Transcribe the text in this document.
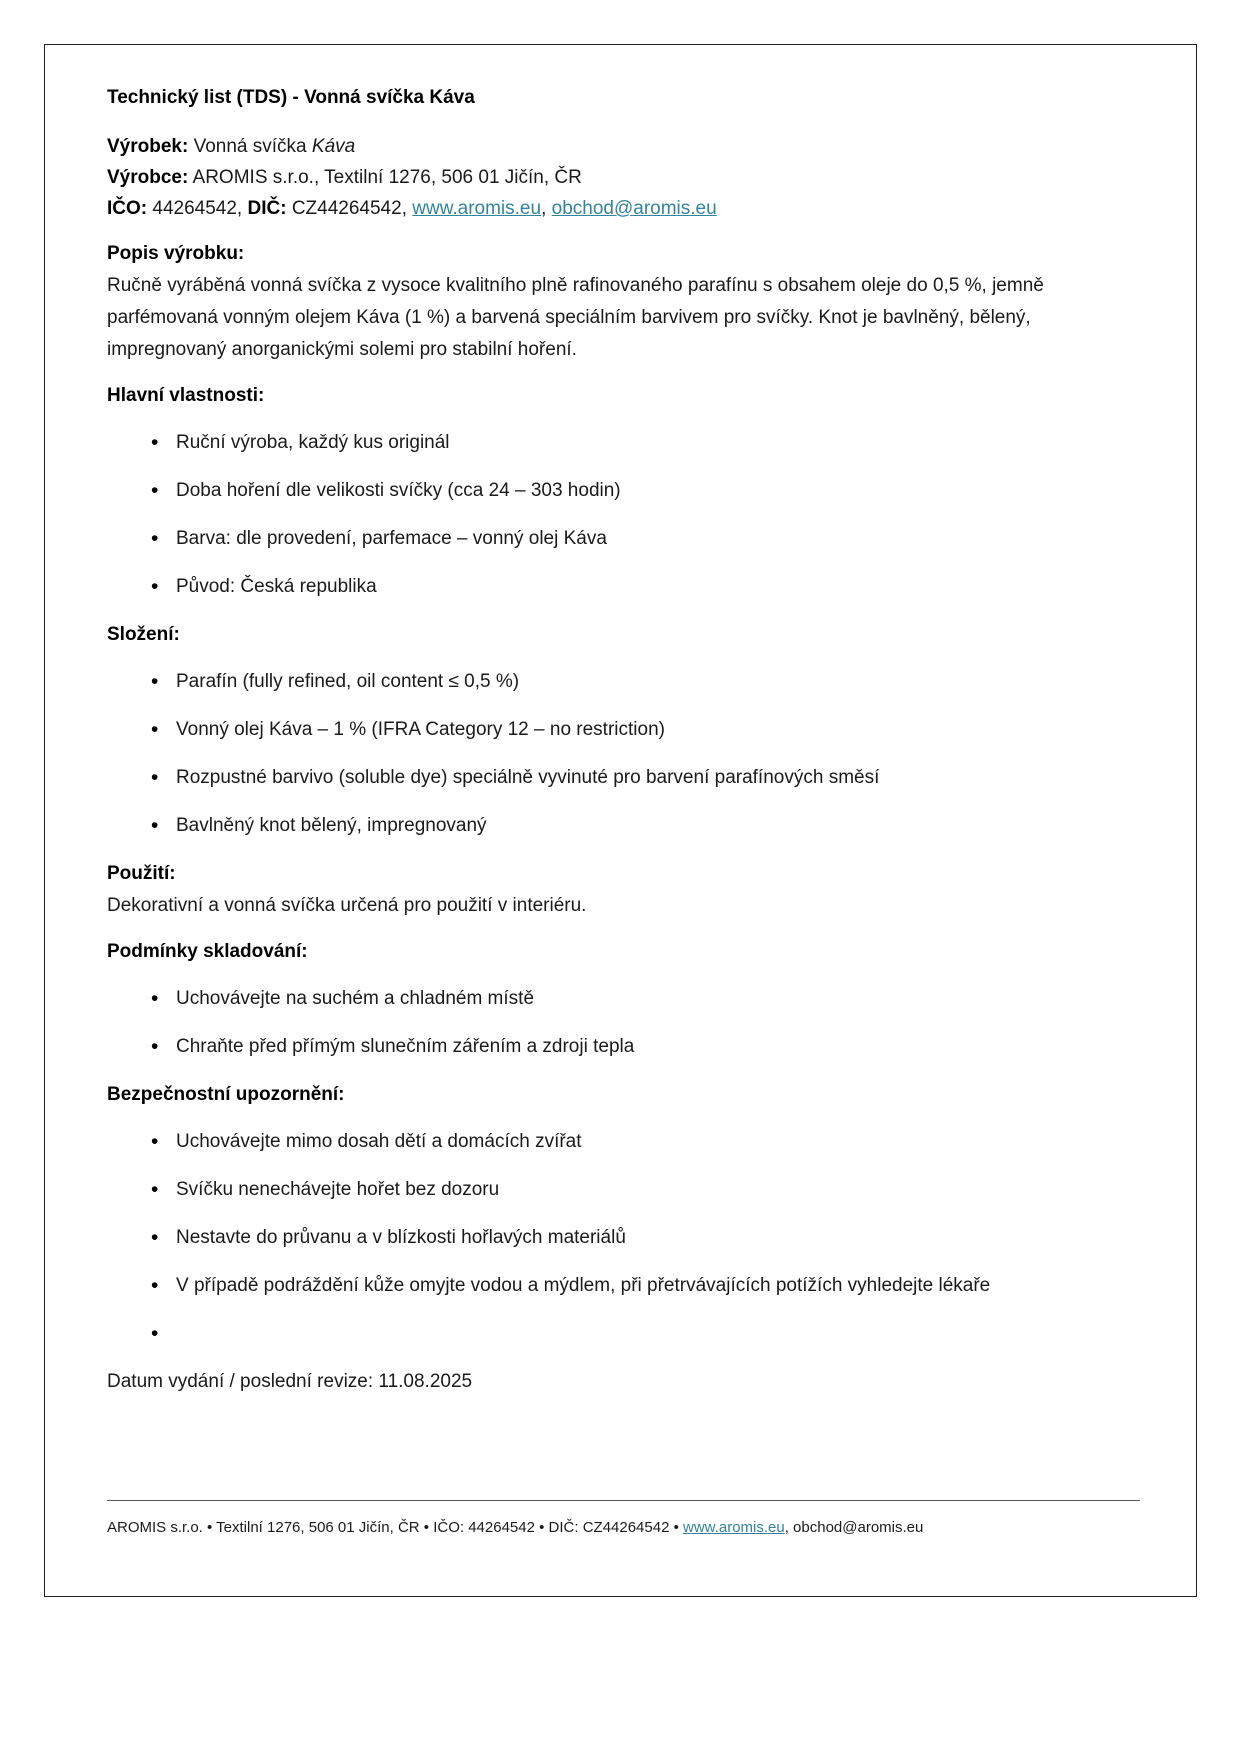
Technický list (TDS) - Vonná svíčka Káva

Výrobek: Vonná svíčka Káva

Výrobce: AROMIS s.r.o., Textilní 1276, 506 01 Jičín, ČR

IČO: 44264542, DIČ: CZ44264542, www.aromis.eu, obchod@aromis.eu

Popis výrobku:

Ručně vyráběná vonná svíčka z vysoce kvalitního plně rafinovaného parafínu s obsahem oleje do 0,5 %, jemně parfémovaná vonným olejem Káva (1 %) a barvená speciálním barvivem pro svíčky. Knot je bavlněný, bělený, impregnovaný anorganickými solemi pro stabilní hoření.

Hlavní vlastnosti:
• Ruční výroba, každý kus originál
• Doba hoření dle velikosti svíčky (cca 24 – 303 hodin)
• Barva: dle provedení, parfemace – vonný olej Káva
• Původ: Česká republika
Složení:
• Parafín (fully refined, oil content ≤ 0,5 %)
• Vonný olej Káva – 1 % (IFRA Category 12 – no restriction)
• Rozpustné barvivo (soluble dye) speciálně vyvinuté pro barvení parafínových směsí
• Bavlněný knot bělený, impregnovaný
Použití:

Dekorativní a vonná svíčka určená pro použití v interiéru.

Podmínky skladování:
• Uchovávejte na suchém a chladném místě
• Chraňte před přímým slunečním zářením a zdroji tepla
Bezpečnostní upozornění:
• Uchovávejte mimo dosah dětí a domácích zvířat
• Svíčku nenechávejte hořet bez dozoru
• Nestavte do průvanu a v blízkosti hořlavých materiálů
• V případě podráždění kůže omyjte vodou a mýdlem, při přetrvávajících potížích vyhledejte lékaře
•

Datum vydání / poslední revize: 11.08.2025

AROMIS s.r.o. • Textilní 1276, 506 01 Jičín, ČR • IČO: 44264542 • DIČ: CZ44264542 • www.aromis.eu, obchod@aromis.eu
